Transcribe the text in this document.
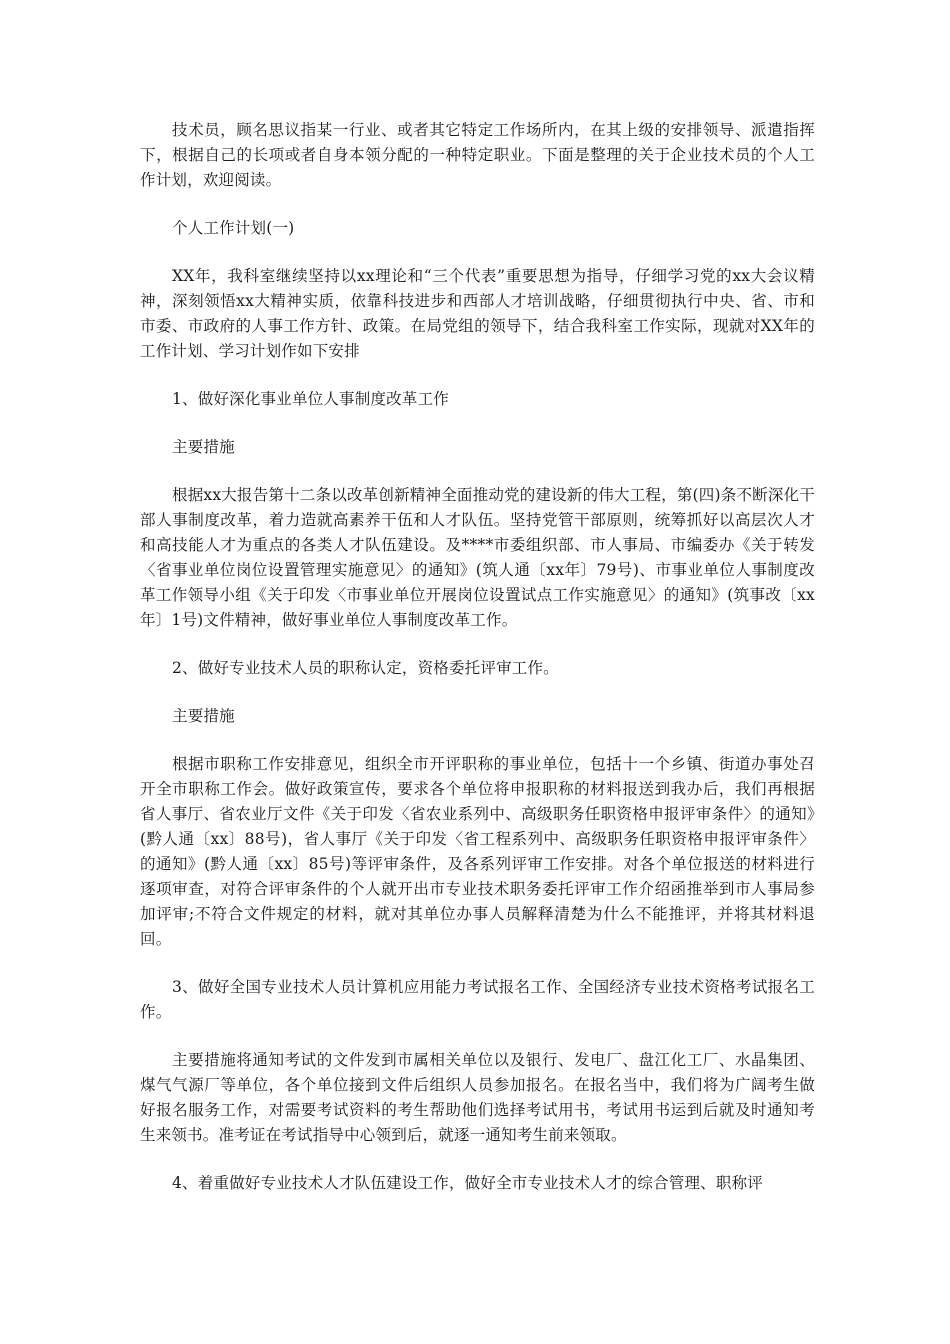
技术员，顾名思议指某一行业、或者其它特定工作场所内，在其上级的安排领导、派遣指挥下，根据自己的长项或者自身本领分配的一种特定职业。下面是整理的关于企业技术员的个人工作计划，欢迎阅读。

个人工作计划(一)

XX年，我科室继续坚持以xx理论和“三个代表”重要思想为指导，仔细学习党的xx大会议精神，深刻领悟xx大精神实质，依靠科技进步和西部人才培训战略，仔细贯彻执行中央、省、市和市委、市政府的人事工作方针、政策。在局党组的领导下，结合我科室工作实际，现就对XX年的工作计划、学习计划作如下安排

1、做好深化事业单位人事制度改革工作

主要措施

根据xx大报告第十二条以改革创新精神全面推动党的建设新的伟大工程，第(四)条不断深化干部人事制度改革，着力造就高素养干伍和人才队伍。坚持党管干部原则，统筹抓好以高层次人才和高技能人才为重点的各类人才队伍建设。及****市委组织部、市人事局、市编委办《关于转发〈省事业单位岗位设置管理实施意见〉的通知》(筑人通〔xx年〕79号)、市事业单位人事制度改革工作领导小组《关于印发〈市事业单位开展岗位设置试点工作实施意见〉的通知》(筑事改〔xx年〕1号)文件精神，做好事业单位人事制度改革工作。

2、做好专业技术人员的职称认定，资格委托评审工作。

主要措施

根据市职称工作安排意见，组织全市开评职称的事业单位，包括十一个乡镇、街道办事处召开全市职称工作会。做好政策宣传，要求各个单位将申报职称的材料报送到我办后，我们再根据省人事厅、省农业厅文件《关于印发〈省农业系列中、高级职务任职资格申报评审条件〉的通知》(黔人通〔xx〕88号)，省人事厅《关于印发〈省工程系列中、高级职务任职资格申报评审条件〉的通知》(黔人通〔xx〕85号)等评审条件，及各系列评审工作安排。对各个单位报送的材料进行逐项审查，对符合评审条件的个人就开出市专业技术职务委托评审工作介绍函推举到市人事局参加评审;不符合文件规定的材料，就对其单位办事人员解释清楚为什么不能推评，并将其材料退回。

3、做好全国专业技术人员计算机应用能力考试报名工作、全国经济专业技术资格考试报名工作。

主要措施将通知考试的文件发到市属相关单位以及银行、发电厂、盘江化工厂、水晶集团、煤气气源厂等单位，各个单位接到文件后组织人员参加报名。在报名当中，我们将为广阔考生做好报名服务工作，对需要考试资料的考生帮助他们选择考试用书，考试用书运到后就及时通知考生来领书。准考证在考试指导中心领到后，就逐一通知考生前来领取。

4、着重做好专业技术人才队伍建设工作，做好全市专业技术人才的综合管理、职称评
